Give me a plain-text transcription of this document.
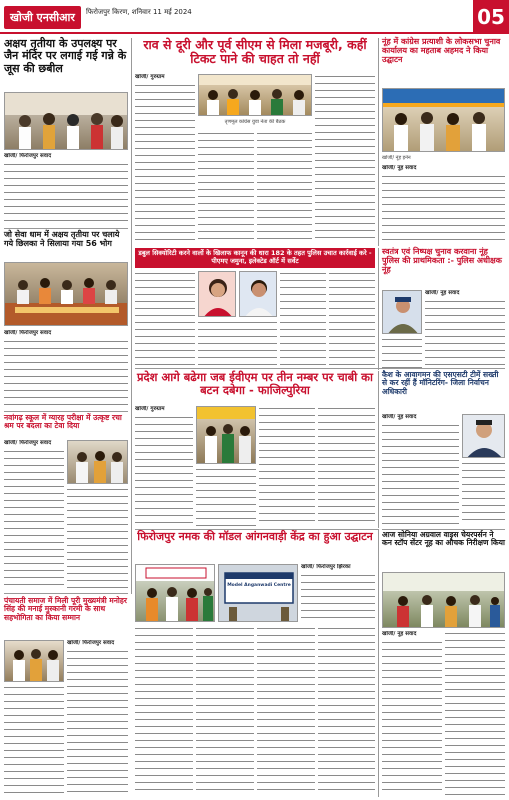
खोजी एनसीआर	फिरोजपुर किरण, शनिवार 11 मई 2024	05
अक्षय तृतीया के उपलक्ष्य पर जैन मंदिर पर लगाई गई गन्ने के जूस की छबील
खोजी/ फिरोजपुर संवाद
जो सेवा धाम में अक्षय तृतीया पर चलाये गये छिलका ने सिलाया गया 56 भोग
खोजी/ फिरोजपुर संवाद
नवांगढ़ स्कूल में ग्यारह परीक्षा में उत्कृष्ट रचा श्रम पर बदला का टेवा दिया
खोजी/ फिरोजपुर संवाद
राव से दूरी और पूर्व सीएम से मिला मजबूरी, कहीं टिकट पाने की चाहत तो नहीं
खोजी/ गुरुग्राम
तृणमूल कांग्रेस युवा नेता की बैठक
नूंह में कांग्रेस प्रत्याशी के लोकसभा चुनाव कार्यालय का महताब अहमद ने किया उद्घाटन
खोजी/ नूंह इनेन
खोजी/ नूंह संवाद
डबुल सिक्योरिटी करने वालों के खिलाफ कानून की धारा 182 के तहत पुलिस उचात कार्रवाई करे - पीएमए जमुना, इलेक्टेड ऑर्ट में सर्वेट
स्वतंत्र एवं निष्पक्ष चुनाव करवाना नूंह पुलिस की प्राथमिकता :- पुलिस अधीक्षक नूंह
खोजी/ नूंह संवाद
प्रदेश आगे बढेगा जब ईवीएम पर तीन नम्बर पर चाबी का बटन दबेगा - फाजिल्पुरिया
खोजी/ गुरुग्राम
कैश के आवागमन की एसएसटी टीमें सख्ती से कर रहीं हैं मॉनिटरिंग- जिला निर्वाचन अधिकारी
खोजी/ नूंह संवाद
फिरोजपुर नमक की मॉडल आंगनवाड़ी केंद्र का हुआ उद्घाटन
Model Anganwadi Centre
खोजी/ फिरोजपुर झिरका
पंचायती समाज में मिली पूरी मुख्यमंत्री मनोहर सिंह की मनाई मुस्कानी गरमी के साथ सहभोगिता का किया सम्मान
खोजी/ फिरोजपुर संवाद
आज सोनिया अग्रवाल वाइस चेयरपर्सन ने कन स्टॉप सेंटर नूह का औचक निरीक्षण किया
खोजी/ नूंह संवाद
